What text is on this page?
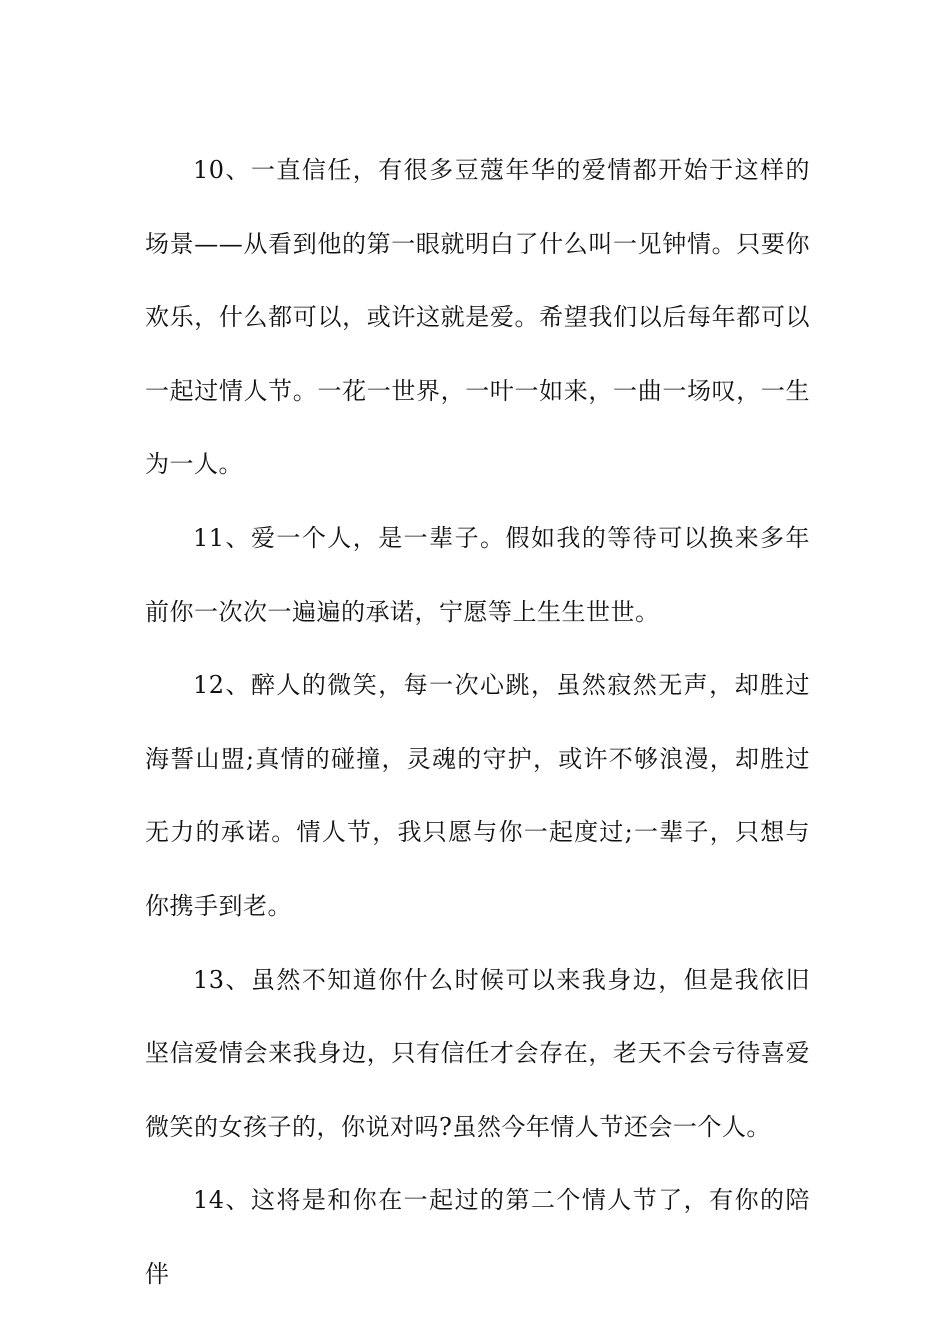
10、一直信任，有很多豆蔻年华的爱情都开始于这样的场景——从看到他的第一眼就明白了什么叫一见钟情。只要你欢乐，什么都可以，或许这就是爱。希望我们以后每年都可以一起过情人节。一花一世界，一叶一如来，一曲一场叹，一生为一人。

11、爱一个人，是一辈子。假如我的等待可以换来多年前你一次次一遍遍的承诺，宁愿等上生生世世。

12、醉人的微笑，每一次心跳，虽然寂然无声，却胜过海誓山盟;真情的碰撞，灵魂的守护，或许不够浪漫，却胜过无力的承诺。情人节，我只愿与你一起度过;一辈子，只想与你携手到老。

13、虽然不知道你什么时候可以来我身边，但是我依旧坚信爱情会来我身边，只有信任才会存在，老天不会亏待喜爱微笑的女孩子的，你说对吗?虽然今年情人节还会一个人。

14、这将是和你在一起过的第二个情人节了，有你的陪伴
